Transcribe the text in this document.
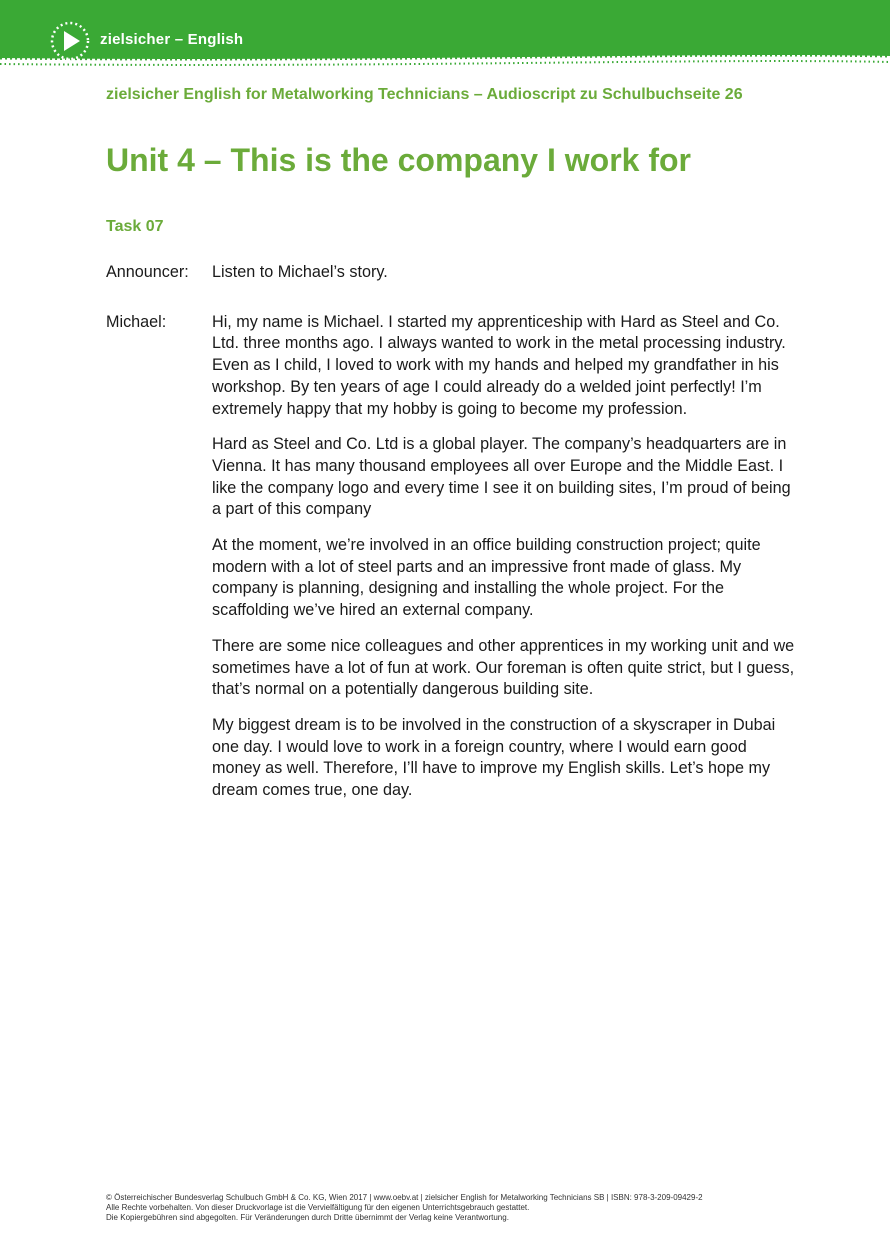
zielsicher – English
zielsicher English for Metalworking Technicians – Audioscript zu Schulbuchseite 26
Unit 4 – This is the company I work for
Task 07
Announcer:	Listen to Michael’s story.

Michael:	Hi, my name is Michael. I started my apprenticeship with Hard as Steel and Co. Ltd. three months ago. I always wanted to work in the metal processing industry. Even as I child, I loved to work with my hands and helped my grandfather in his workshop. By ten years of age I could already do a welded joint perfectly! I’m extremely happy that my hobby is going to become my profession.

Hard as Steel and Co. Ltd is a global player. The company’s headquarters are in Vienna. It has many thousand employees all over Europe and the Middle East. I like the company logo and every time I see it on building sites, I’m proud of being a part of this company

At the moment, we’re involved in an office building construction project; quite modern with a lot of steel parts and an impressive front made of glass. My company is planning, designing and installing the whole project. For the scaffolding we’ve hired an external company.

There are some nice colleagues and other apprentices in my working unit and we sometimes have a lot of fun at work. Our foreman is often quite strict, but I guess, that’s normal on a potentially dangerous building site.

My biggest dream is to be involved in the construction of a skyscraper in Dubai one day. I would love to work in a foreign country, where I would earn good money as well. Therefore, I’ll have to improve my English skills. Let’s hope my dream comes true, one day.

© Österreichischer Bundesverlag Schulbuch GmbH & Co. KG, Wien 2017 | www.oebv.at | zielsicher English for Metalworking Technicians SB | ISBN: 978-3-209-09429-2
Alle Rechte vorbehalten. Von dieser Druckvorlage ist die Vervielfältigung für den eigenen Unterrichtsgebrauch gestattet.
Die Kopiergebühren sind abgegolten. Für Veränderungen durch Dritte übernimmt der Verlag keine Verantwortung.
